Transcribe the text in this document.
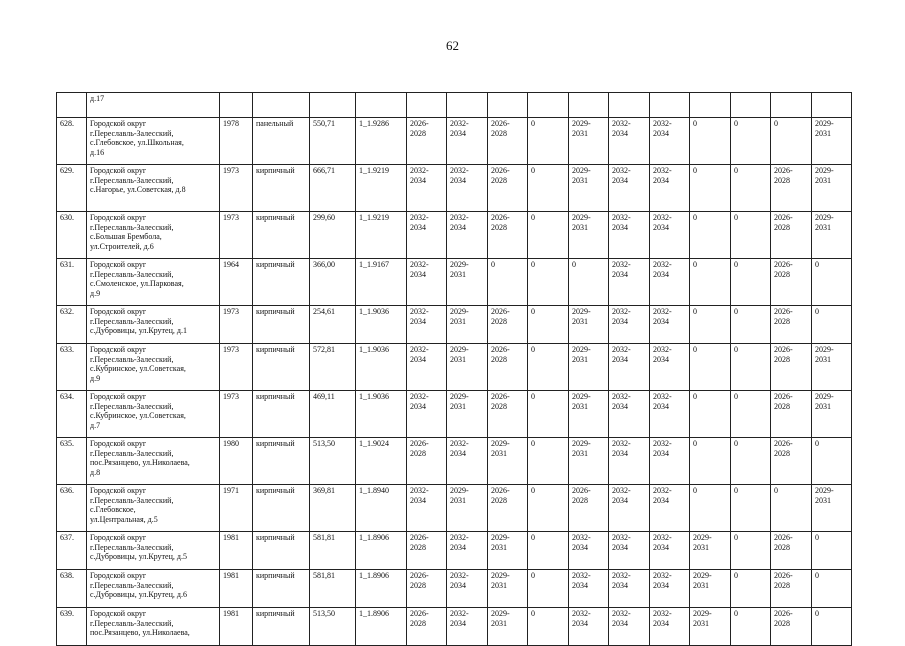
62
	д.17															
628.	Городской округ
г.Переславль-Залесский,
с.Глебовское, ул.Школьная,
д.16	1978	панельный	550,71	1_1.9286	2026-2028	2032-2034	2026-2028	0	2029-2031	2032-2034	2032-2034	0	0	0	2029-2031
629.	Городской округ
г.Переславль-Залесский,
с.Нагорье, ул.Советская, д.8	1973	кирпичный	666,71	1_1.9219	2032-2034	2032-2034	2026-2028	0	2029-2031	2032-2034	2032-2034	0	0	2026-2028	2029-2031
630.	Городской округ
г.Переславль-Залесский,
с.Большая Брембола,
ул.Строителей, д.6	1973	кирпичный	299,60	1_1.9219	2032-2034	2032-2034	2026-2028	0	2029-2031	2032-2034	2032-2034	0	0	2026-2028	2029-2031
631.	Городской округ
г.Переславль-Залесский,
с.Смоленское, ул.Парковая,
д.9	1964	кирпичный	366,00	1_1.9167	2032-2034	2029-2031	0	0	0	2032-2034	2032-2034	0	0	2026-2028	0
632.	Городской округ
г.Переславль-Залесский,
с.Дубровицы, ул.Крутец, д.1	1973	кирпичный	254,61	1_1.9036	2032-2034	2029-2031	2026-2028	0	2029-2031	2032-2034	2032-2034	0	0	2026-2028	0
633.	Городской округ
г.Переславль-Залесский,
с.Кубринское, ул.Советская,
д.9	1973	кирпичный	572,81	1_1.9036	2032-2034	2029-2031	2026-2028	0	2029-2031	2032-2034	2032-2034	0	0	2026-2028	2029-2031
634.	Городской округ
г.Переславль-Залесский,
с.Кубринское, ул.Советская,
д.7	1973	кирпичный	469,11	1_1.9036	2032-2034	2029-2031	2026-2028	0	2029-2031	2032-2034	2032-2034	0	0	2026-2028	2029-2031
635.	Городской округ
г.Переславль-Залесский,
пос.Рязанцево, ул.Николаева,
д.8	1980	кирпичный	513,50	1_1.9024	2026-2028	2032-2034	2029-2031	0	2029-2031	2032-2034	2032-2034	0	0	2026-2028	0
636.	Городской округ
г.Переславль-Залесский,
с.Глебовское,
ул.Центральная, д.5	1971	кирпичный	369,81	1_1.8940	2032-2034	2029-2031	2026-2028	0	2026-2028	2032-2034	2032-2034	0	0	0	2029-2031
637.	Городской округ
г.Переславль-Залесский,
с.Дубровицы, ул.Крутец, д.5	1981	кирпичный	581,81	1_1.8906	2026-2028	2032-2034	2029-2031	0	2032-2034	2032-2034	2032-2034	2029-2031	0	2026-2028	0
638.	Городской округ
г.Переславль-Залесский,
с.Дубровицы, ул.Крутец, д.6	1981	кирпичный	581,81	1_1.8906	2026-2028	2032-2034	2029-2031	0	2032-2034	2032-2034	2032-2034	2029-2031	0	2026-2028	0
639.	Городской округ
г.Переславль-Залесский,
пос.Рязанцево, ул.Николаева,	1981	кирпичный	513,50	1_1.8906	2026-2028	2032-2034	2029-2031	0	2032-2034	2032-2034	2032-2034	2029-2031	0	2026-2028	0
